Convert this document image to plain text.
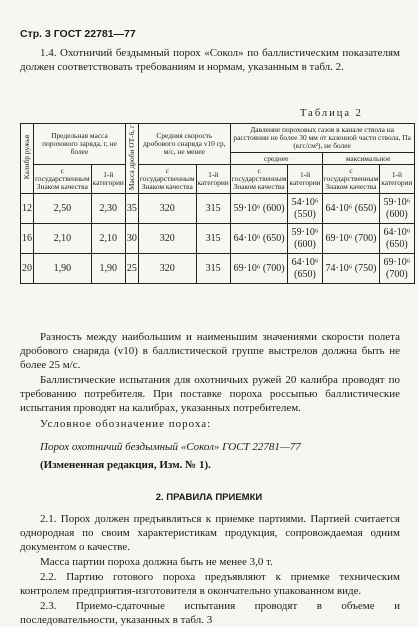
Стр. 3 ГОСТ 22781—77

1.4. Охотничий бездымный порох «Сокол» по баллистическим показателям должен соответствовать требованиям и нормам, указанным в табл. 2.

Таблица 2
Калибр ружья	Предельная масса порохового заряда, г, не более		Масса дроби ОТ-6, г	Средняя скорость дробового снаряда v10 ср, м/с, не менее		Давление пороховых газов в канале ствола на расстоянии не более 30 мм от казенной части ствола, Па (кгс/см²), не более			
						среднее		максимальное	
	с государственным Знаком качества	1-й категории		с государственным Знаком качества	1-й категории	с государственным Знаком качества	1-й категории	с государственным Знаком качества	1-й категории
12	2,50	2,30	35	320	315	59·10⁶ (600)	54·10⁶ (550)	64·10⁶ (650)	59·10⁶ (600)
16	2,10	2,10	30	320	315	64·10⁶ (650)	59·10⁶ (600)	69·10⁶ (700)	64·10⁶ (650)
20	1,90	1,90	25	320	315	69·10⁶ (700)	64·10⁶ (650)	74·10⁶ (750)	69·10⁶ (700)

Разность между наибольшим и наименьшим значениями скорости полета дробового снаряда (v10) в баллистической группе выстрелов должна быть не более 25 м/с.

Баллистические испытания для охотничьих ружей 20 калибра проводят по требованию потребителя. При поставке пороха россыпью баллистические испытания проводят на калибрах, указанных потребителем.

Условное обозначение пороха:

Порох охотничий бездымный «Сокол» ГОСТ 22781—77

(Измененная редакция, Изм. № 1).

2. ПРАВИЛА ПРИЕМКИ

2.1. Порох должен предъявляться к приемке партиями. Партией считается однородная по своим характеристикам продукция, сопровождаемая одним документом о качестве.

Масса партии пороха должна быть не менее 3,0 т.

2.2. Партию готового пороха предъявляют к приемке техническим контролем предприятия-изготовителя в окончательно упакованном виде.

2.3. Приемо-сдаточные испытания проводят в объеме и последовательности, указанных в табл. 3
